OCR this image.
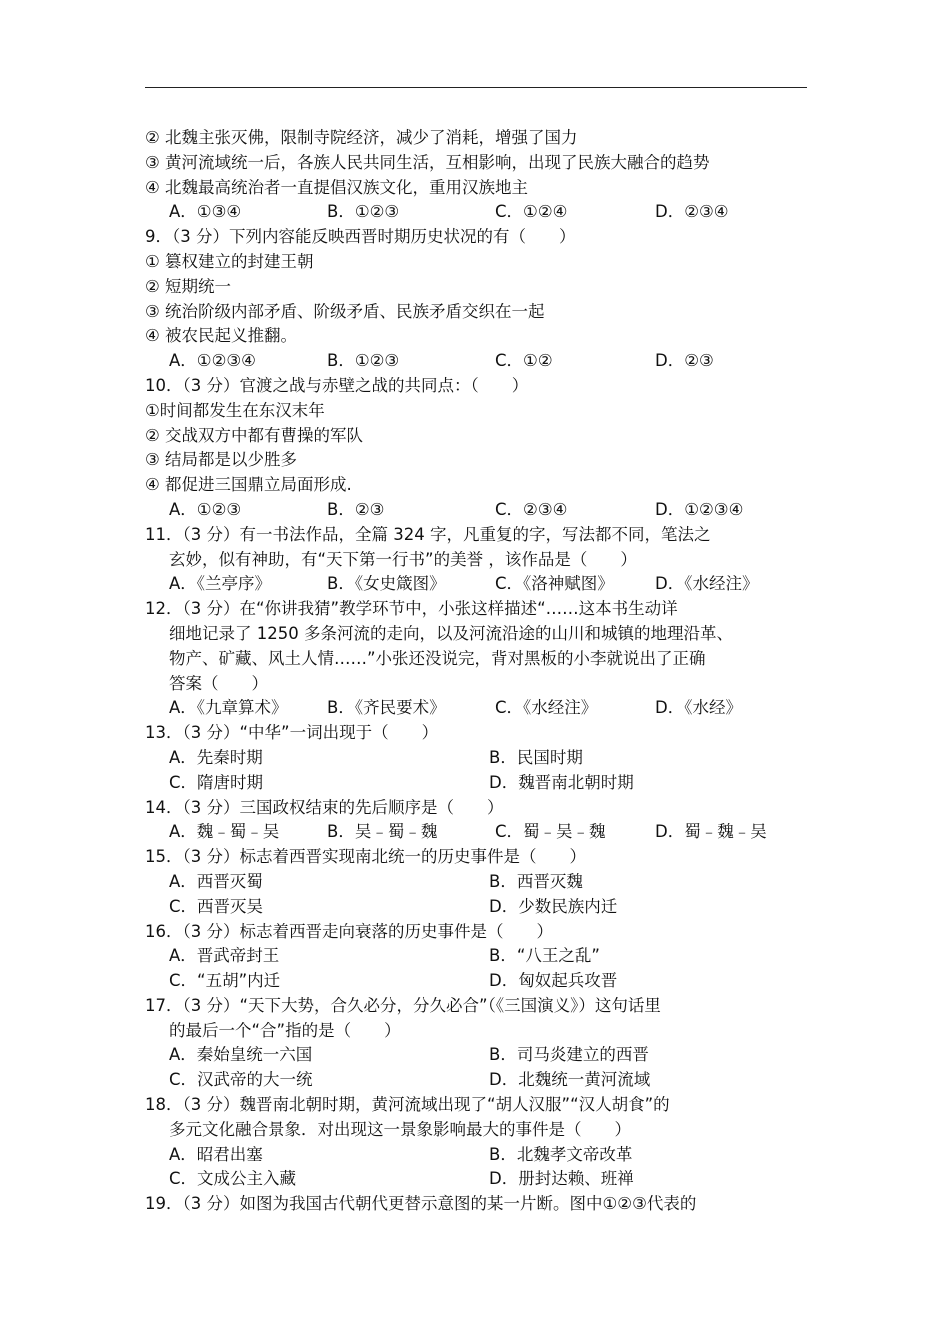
② 北魏主张灭佛，限制寺院经济，减少了消耗，增强了国力
③ 黄河流域统一后，各族人民共同生活，互相影响，出现了民族大融合的趋势
④ 北魏最高统治者一直提倡汉族文化，重用汉族地主
A．①③④	B．①②③	C．①②④	D．②③④
9．（3 分）下列内容能反映西晋时期历史状况的有（　　）
① 篡权建立的封建王朝
② 短期统一
③ 统治阶级内部矛盾、阶级矛盾、民族矛盾交织在一起
④ 被农民起义推翻。
A．①②③④	B．①②③	C．①②	D．②③
10．（3 分）官渡之战与赤壁之战的共同点：（　　）
①时间都发生在东汉末年
② 交战双方中都有曹操的军队
③ 结局都是以少胜多
④ 都促进三国鼎立局面形成.
A．①②③	B．②③	C．②③④	D．①②③④
11．（3 分）有一书法作品，全篇 324 字，凡重复的字，写法都不同，笔法之
玄妙，似有神助，有“天下第一行书”的美誉 ，该作品是（　　）
A．《兰亭序》	B．《女史箴图》	C．《洛神赋图》	D．《水经注》
12．（3 分）在“你讲我猜”教学环节中，小张这样描述“……这本书生动详
细地记录了 1250 多条河流的走向，以及河流沿途的山川和城镇的地理沿革、
物产、矿藏、风土人情……”小张还没说完，背对黑板的小李就说出了正确
答案（　　）
A．《九章算术》	B．《齐民要术》	C．《水经注》	D．《水经》
13．（3 分）“中华”一词出现于（　　）
A．先秦时期	B．民国时期
C．隋唐时期	D．魏晋南北朝时期
14．（3 分）三国政权结束的先后顺序是（　　）
A．魏﹣蜀﹣吴	B．吴﹣蜀﹣魏	C．蜀﹣吴﹣魏	D．蜀﹣魏﹣吴
15．（3 分）标志着西晋实现南北统一的历史事件是（　　）
A．西晋灭蜀	B．西晋灭魏
C．西晋灭吴	D．少数民族内迁
16．（3 分）标志着西晋走向衰落的历史事件是（　　）
A．晋武帝封王	B．“八王之乱”
C．“五胡”内迁	D．匈奴起兵攻晋
17．（3 分）“天下大势，合久必分，分久必合”（《三国演义》）这句话里
的最后一个“合”指的是（　　）
A．秦始皇统一六国	B．司马炎建立的西晋
C．汉武帝的大一统	D．北魏统一黄河流域
18．（3 分）魏晋南北朝时期，黄河流域出现了“胡人汉服”“汉人胡食”的
多元文化融合景象．对出现这一景象影响最大的事件是（　　）
A．昭君出塞	B．北魏孝文帝改革
C．文成公主入藏	D．册封达赖、班禅
19．（3 分）如图为我国古代朝代更替示意图的某一片断。图中①②③代表的
